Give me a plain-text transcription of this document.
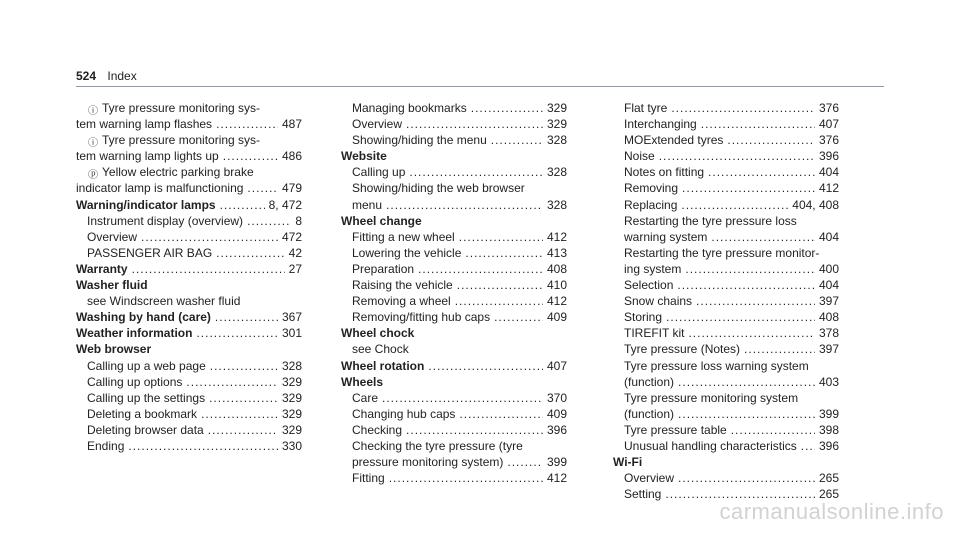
524 Index
ⓘ Tyre pressure monitoring sys-
tem warning lamp flashes .....	487
ⓘ Tyre pressure monitoring sys-
tem warning lamp lights up .....	486
ⓟ Yellow electric parking brake
indicator lamp is malfunctioning .....	479
Warning/indicator lamps .....	8, 472
Instrument display (overview) .....	8
Overview .....	472
PASSENGER AIR BAG .....	42
Warranty .....	27
Washer fluid
see Windscreen washer fluid
Washing by hand (care) .....	367
Weather information .....	301
Web browser
Calling up a web page .....	328
Calling up options .....	329
Calling up the settings .....	329
Deleting a bookmark .....	329
Deleting browser data .....	329
Ending .....	330
Managing bookmarks .....	329
Overview .....	329
Showing/hiding the menu .....	328
Website
Calling up .....	328
Showing/hiding the web browser
menu .....	328
Wheel change
Fitting a new wheel .....	412
Lowering the vehicle .....	413
Preparation .....	408
Raising the vehicle .....	410
Removing a wheel .....	412
Removing/fitting hub caps .....	409
Wheel chock
see Chock
Wheel rotation .....	407
Wheels
Care .....	370
Changing hub caps .....	409
Checking .....	396
Checking the tyre pressure (tyre
pressure monitoring system) .....	399
Fitting .....	412
Flat tyre .....	376
Interchanging .....	407
MOExtended tyres .....	376
Noise .....	396
Notes on fitting .....	404
Removing .....	412
Replacing .....	404, 408
Restarting the tyre pressure loss
warning system .....	404
Restarting the tyre pressure monitor-
ing system .....	400
Selection .....	404
Snow chains .....	397
Storing .....	408
TIREFIT kit .....	378
Tyre pressure (Notes) .....	397
Tyre pressure loss warning system
(function) .....	403
Tyre pressure monitoring system
(function) .....	399
Tyre pressure table .....	398
Unusual handling characteristics ..... 396
Wi-Fi
Overview .....	265
Setting .....	265
carmanualsonline.info
